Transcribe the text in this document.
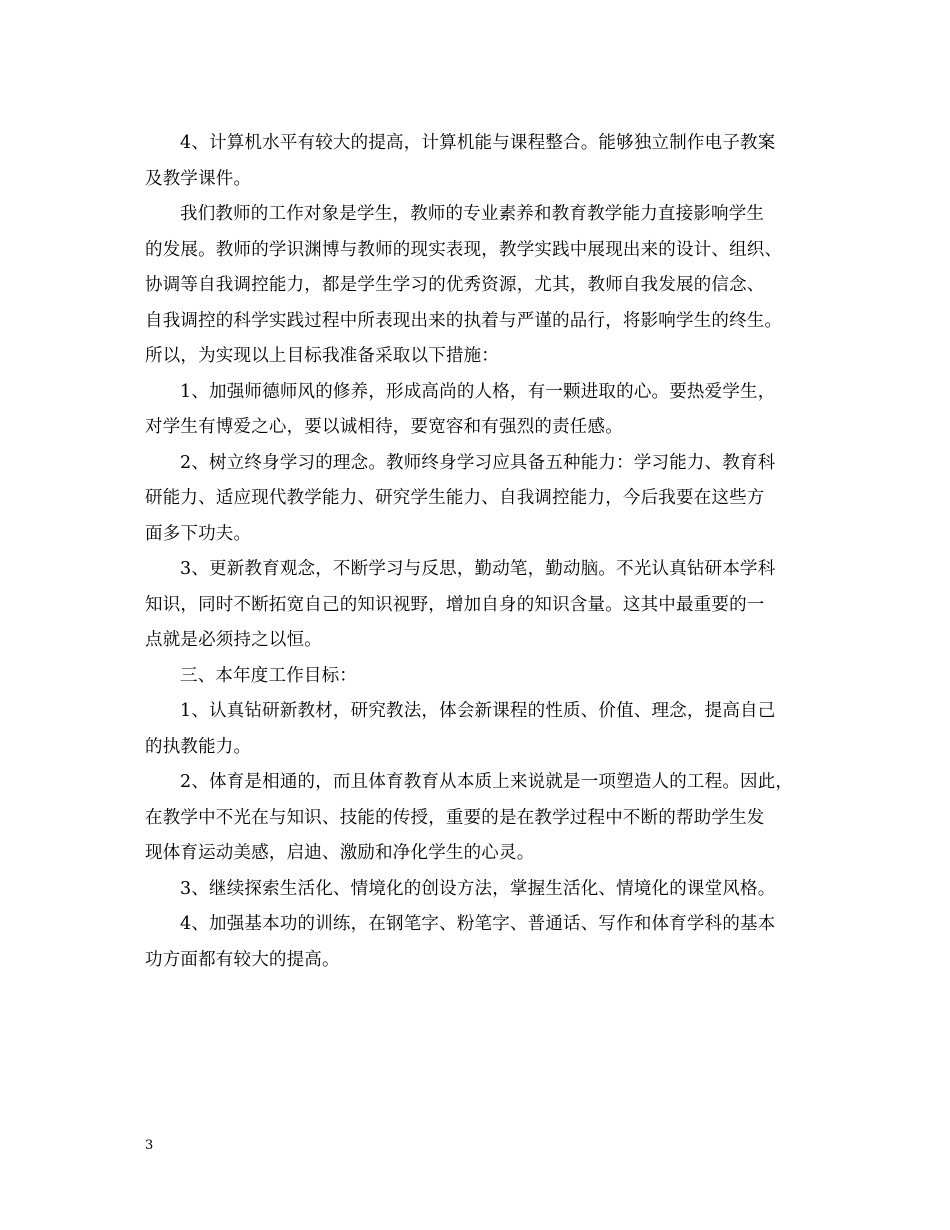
4、计算机水平有较大的提高，计算机能与课程整合。能够独立制作电子教案
及教学课件。

我们教师的工作对象是学生，教师的专业素养和教育教学能力直接影响学生
的发展。教师的学识渊博与教师的现实表现，教学实践中展现出来的设计、组织、
协调等自我调控能力，都是学生学习的优秀资源，尤其，教师自我发展的信念、
自我调控的科学实践过程中所表现出来的执着与严谨的品行，将影响学生的终生。
所以，为实现以上目标我准备采取以下措施：

1、加强师德师风的修养，形成高尚的人格，有一颗进取的心。要热爱学生，
对学生有博爱之心，要以诚相待，要宽容和有强烈的责任感。

2、树立终身学习的理念。教师终身学习应具备五种能力：学习能力、教育科
研能力、适应现代教学能力、研究学生能力、自我调控能力，今后我要在这些方
面多下功夫。

3、更新教育观念，不断学习与反思，勤动笔，勤动脑。不光认真钻研本学科
知识，同时不断拓宽自己的知识视野，增加自身的知识含量。这其中最重要的一
点就是必须持之以恒。

三、本年度工作目标：

1、认真钻研新教材，研究教法，体会新课程的性质、价值、理念，提高自己
的执教能力。

2、体育是相通的，而且体育教育从本质上来说就是一项塑造人的工程。因此，
在教学中不光在与知识、技能的传授，重要的是在教学过程中不断的帮助学生发
现体育运动美感，启迪、激励和净化学生的心灵。

3、继续探索生活化、情境化的创设方法，掌握生活化、情境化的课堂风格。

4、加强基本功的训练，在钢笔字、粉笔字、普通话、写作和体育学科的基本
功方面都有较大的提高。

3
